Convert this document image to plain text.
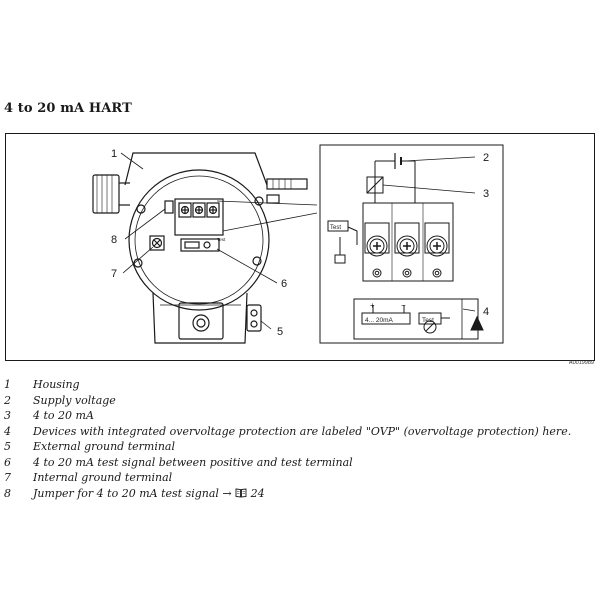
4 to 20 mA HART
Test
Test
+	−
4... 20mA	Test
1	2
3
4
5
6
7
8
A0019989
1	Housing
2	Supply voltage
3	4 to 20 mA
4	Devices with integrated overvoltage protection are labeled "OVP" (overvoltage protection) here.
5	External ground terminal
6	4 to 20 mA test signal between positive and test terminal
7	Internal ground terminal
8	Jumper for 4 to 20 mA test signal → 24
